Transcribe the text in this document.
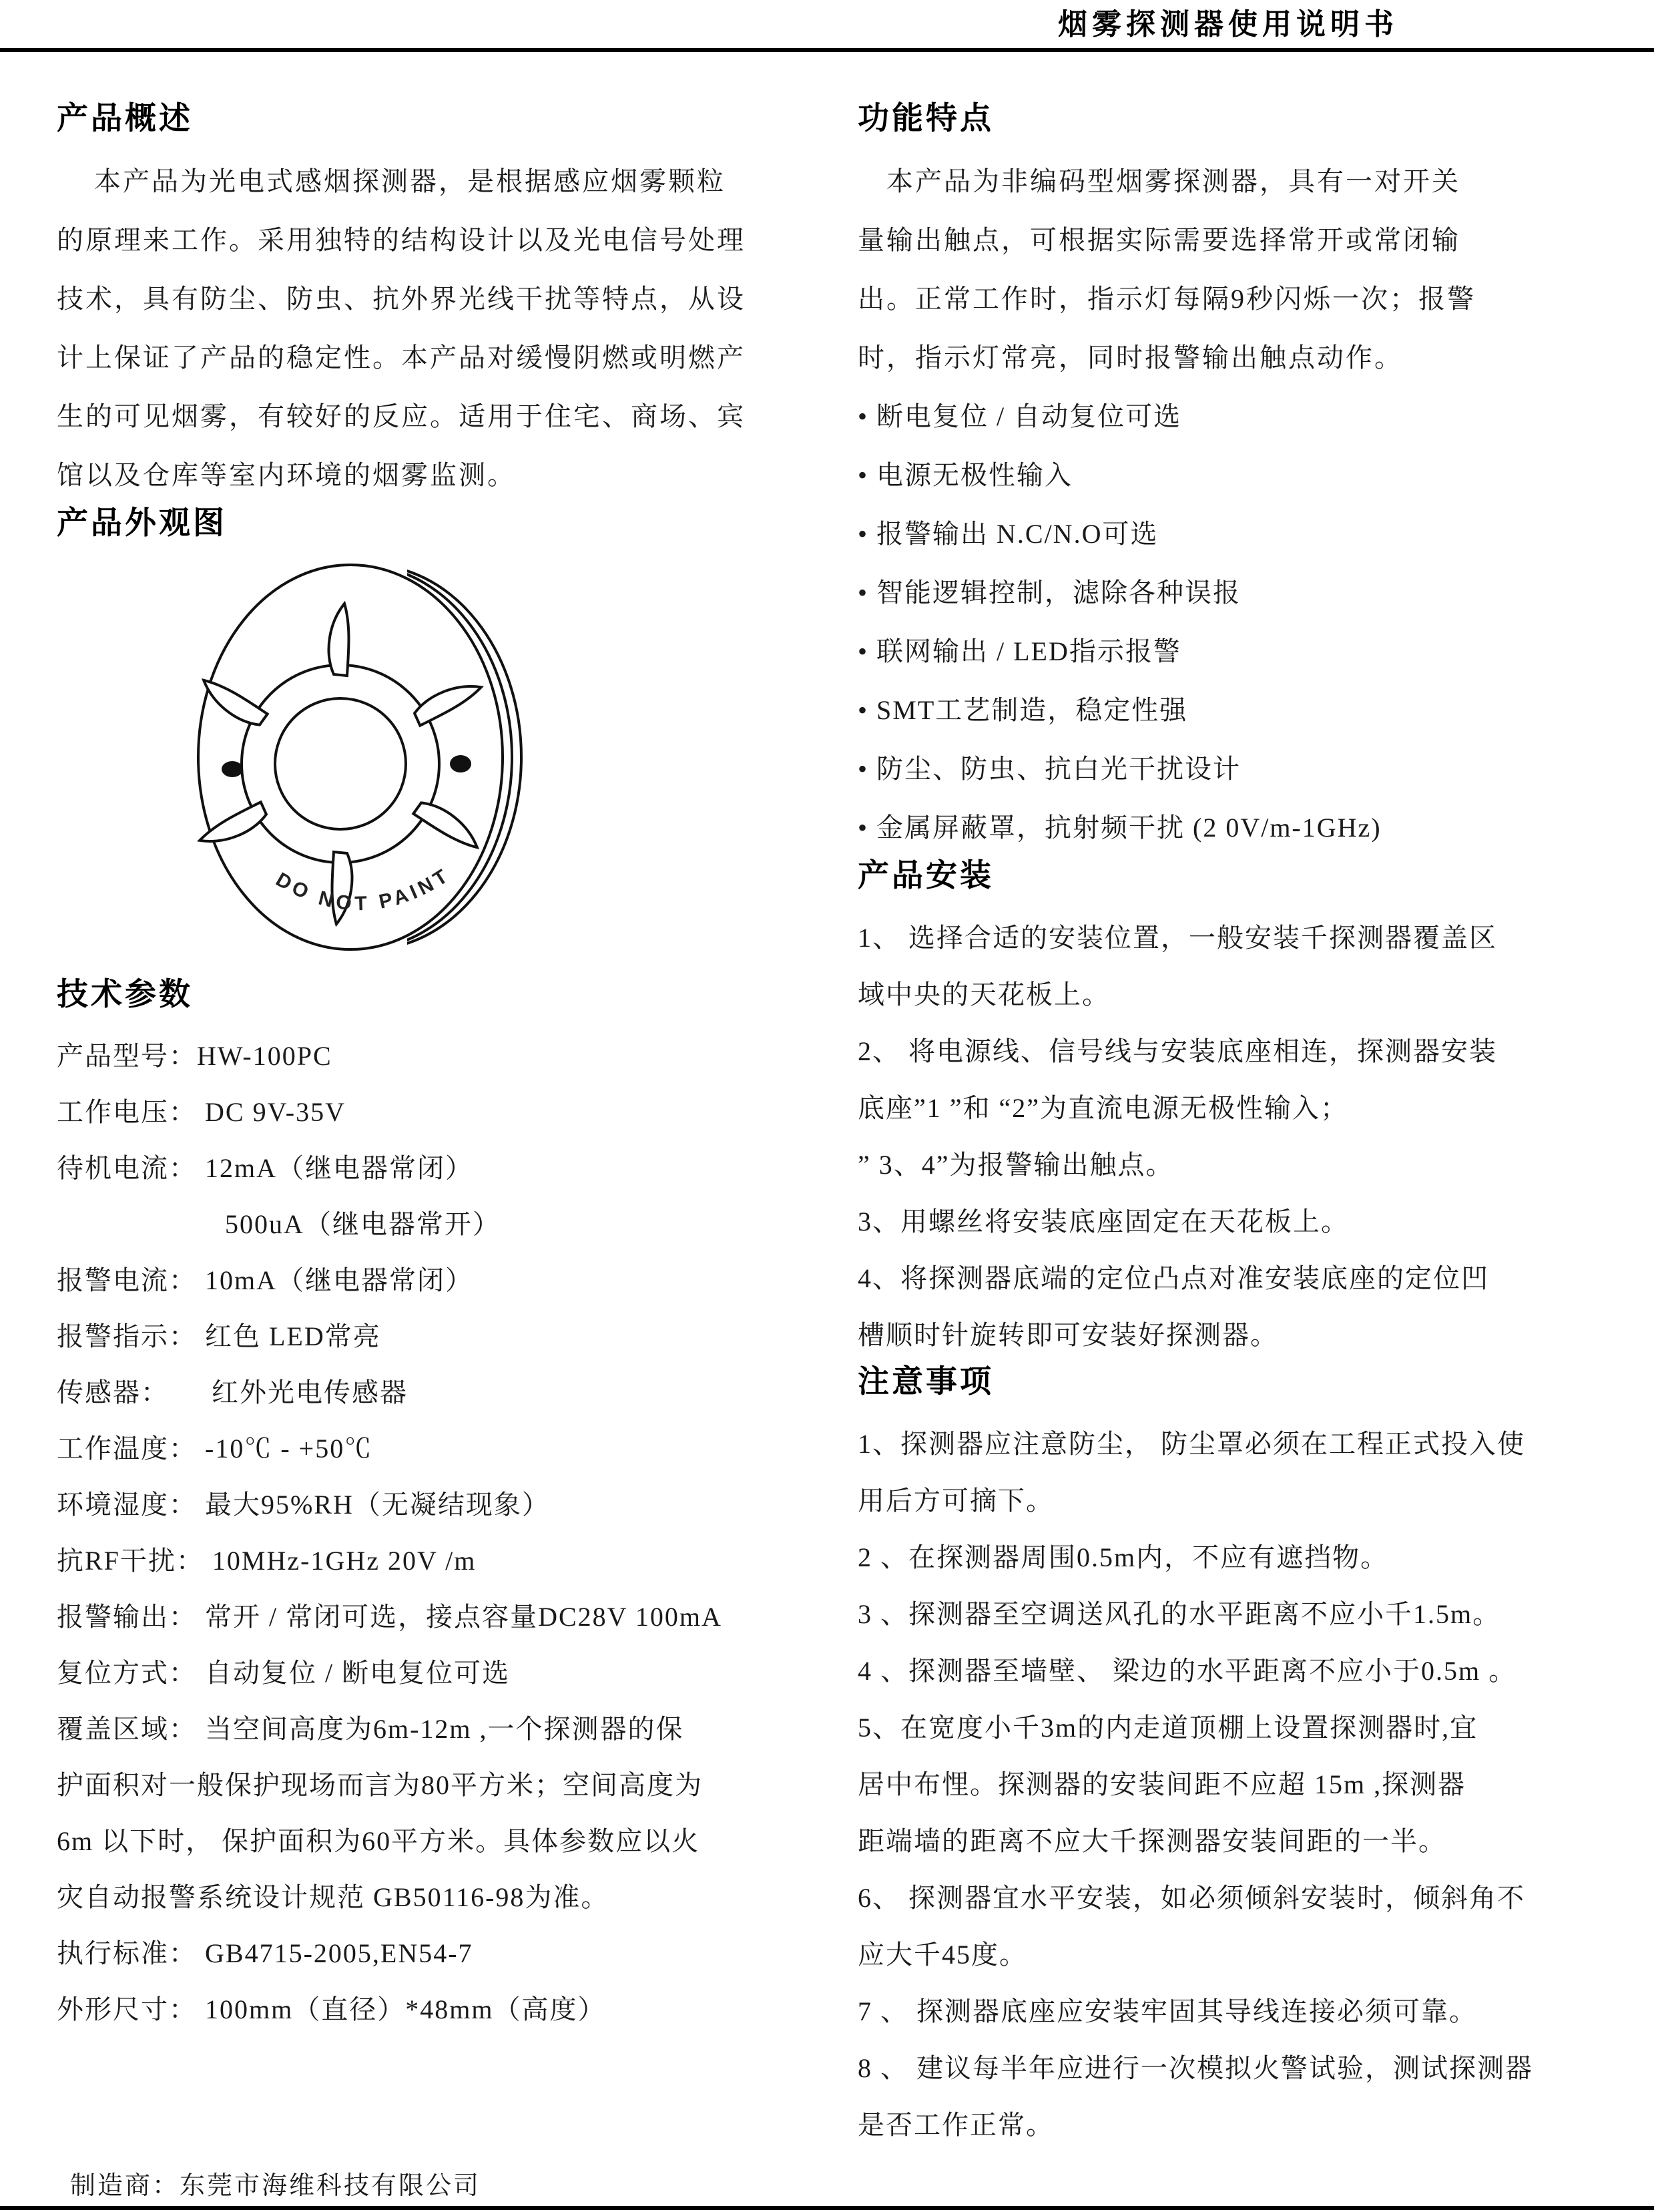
烟雾探测器使用说明书
产品概述
　 本产品为光电式感烟探测器，是根据感应烟雾颗粒
的原理来工作。采用独特的结构设计以及光电信号处理
技术，具有防尘、防虫、抗外界光线干扰等特点，从设
计上保证了产品的稳定性。本产品对缓慢阴燃或明燃产
生的可见烟雾，有较好的反应。适用于住宅、商场、宾
馆以及仓库等室内环境的烟雾监测。
产品外观图
DO NOT PAINT
技术参数
产品型号：HW-100PC
工作电压： DC 9V-35V
待机电流： 12mA（继电器常闭）
　　　　　　500uA（继电器常开）
报警电流： 10mA（继电器常闭）
报警指示： 红色 LED常亮
传感器：　　红外光电传感器
工作温度： -10℃ - +50℃
环境湿度： 最大95%RH（无凝结现象）
抗RF干扰： 10MHz-1GHz 20V /m
报警输出： 常开 / 常闭可选，接点容量DC28V 100mA
复位方式： 自动复位 / 断电复位可选
覆盖区域： 当空间高度为6m-12m ,一个探测器的保
护面积对一般保护现场而言为80平方米；空间高度为
6m 以下时， 保护面积为60平方米。具体参数应以火
灾自动报警系统设计规范 GB50116-98为准。
执行标准： GB4715-2005,EN54-7
外形尺寸： 100mm（直径）*48mm（高度）
功能特点
　本产品为非编码型烟雾探测器，具有一对开关
量输出触点，可根据实际需要选择常开或常闭输
出。正常工作时，指示灯每隔9秒闪烁一次；报警
时，指示灯常亮，同时报警输出触点动作。
• 断电复位 / 自动复位可选
• 电源无极性输入
• 报警输出 N.C/N.O可选
• 智能逻辑控制，滤除各种误报
• 联网输出 / LED指示报警
• SMT工艺制造，稳定性强
• 防尘、防虫、抗白光干扰设计
• 金属屏蔽罩，抗射频干扰 (2 0V/m-1GHz)
产品安装
1、 选择合适的安装位置，一般安装千探测器覆盖区
域中央的天花板上。
2、 将电源线、信号线与安装底座相连，探测器安装
底座”1 ”和 “2”为直流电源无极性输入；
” 3、4”为报警输出触点。
3、用螺丝将安装底座固定在天花板上。
4、将探测器底端的定位凸点对准安装底座的定位凹
槽顺时针旋转即可安装好探测器。
注意事项
1、探测器应注意防尘， 防尘罩必须在工程正式投入使
用后方可摘下。
2 、在探测器周围0.5m内，不应有遮挡物。
3 、探测器至空调送风孔的水平距离不应小千1.5m。
4 、探测器至墙壁、 梁边的水平距离不应小于0.5m 。
5、在宽度小千3m的内走道顶棚上设置探测器时,宜
居中布悝。探测器的安装间距不应超 15m ,探测器
距端墙的距离不应大千探测器安装间距的一半。
6、 探测器宜水平安装，如必须倾斜安装时，倾斜角不
应大千45度。
7 、 探测器底座应安装牢固其导线连接必须可靠。
8 、 建议每半年应进行一次模拟火警试验，测试探测器
是否工作正常。
制造商：东莞市海维科技有限公司
